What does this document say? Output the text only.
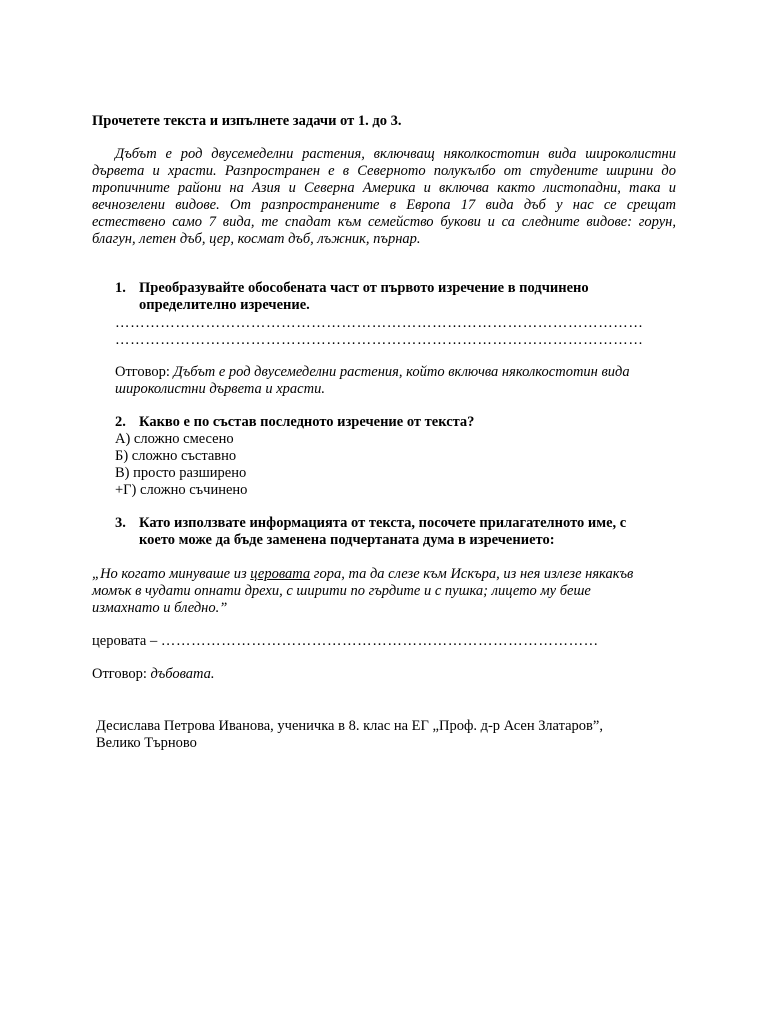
Прочетете текста и изпълнете задачи от 1. до 3.
Дъбът е род двусемеделни растения, включващ няколкостотин вида широколистни
дървета и храсти. Разпространен е в Северното полукълбо от студените ширини до
тропичните райони на Азия и Северна Америка и включва както листопадни, така и
вечнозелени видове. От разпространените в Европа 17 вида дъб у нас се срещат
естествено само 7 вида, те спадат към семейство букови и са следните видове: горун,
благун, летен дъб, цер, космат дъб, лъжник, пърнар.
1. Преобразувайте обособената част от първото изречение в подчинено
определително изречение.
……………………………………………………………………………………………
……………………………………………………………………………………………
Отговор: Дъбът е род двусемеделни растения, който включва няколкостотин вида
широколистни дървета и храсти.
2. Какво е по състав последното изречение от текста?
А) сложно смесено
Б) сложно съставно
В) просто разширено
+Г) сложно съчинено
3. Като използвате информацията от текста, посочете прилагателното име, с
което може да бъде заменена подчертаната дума в изречението:
„Но когато минуваше из церовата гора, та да слезе към Искъра, из нея излезе някакъв
момък в чудати опнати дрехи, с ширити по гърдите и с пушка; лицето му беше
измахнато и бледно.”
церовата – ……………………………………………………………………………
Отговор: дъбовата.
Десислава Петрова Иванова, ученичка в 8. клас на ЕГ „Проф. д-р Асен Златаров”,
Велико Търново
